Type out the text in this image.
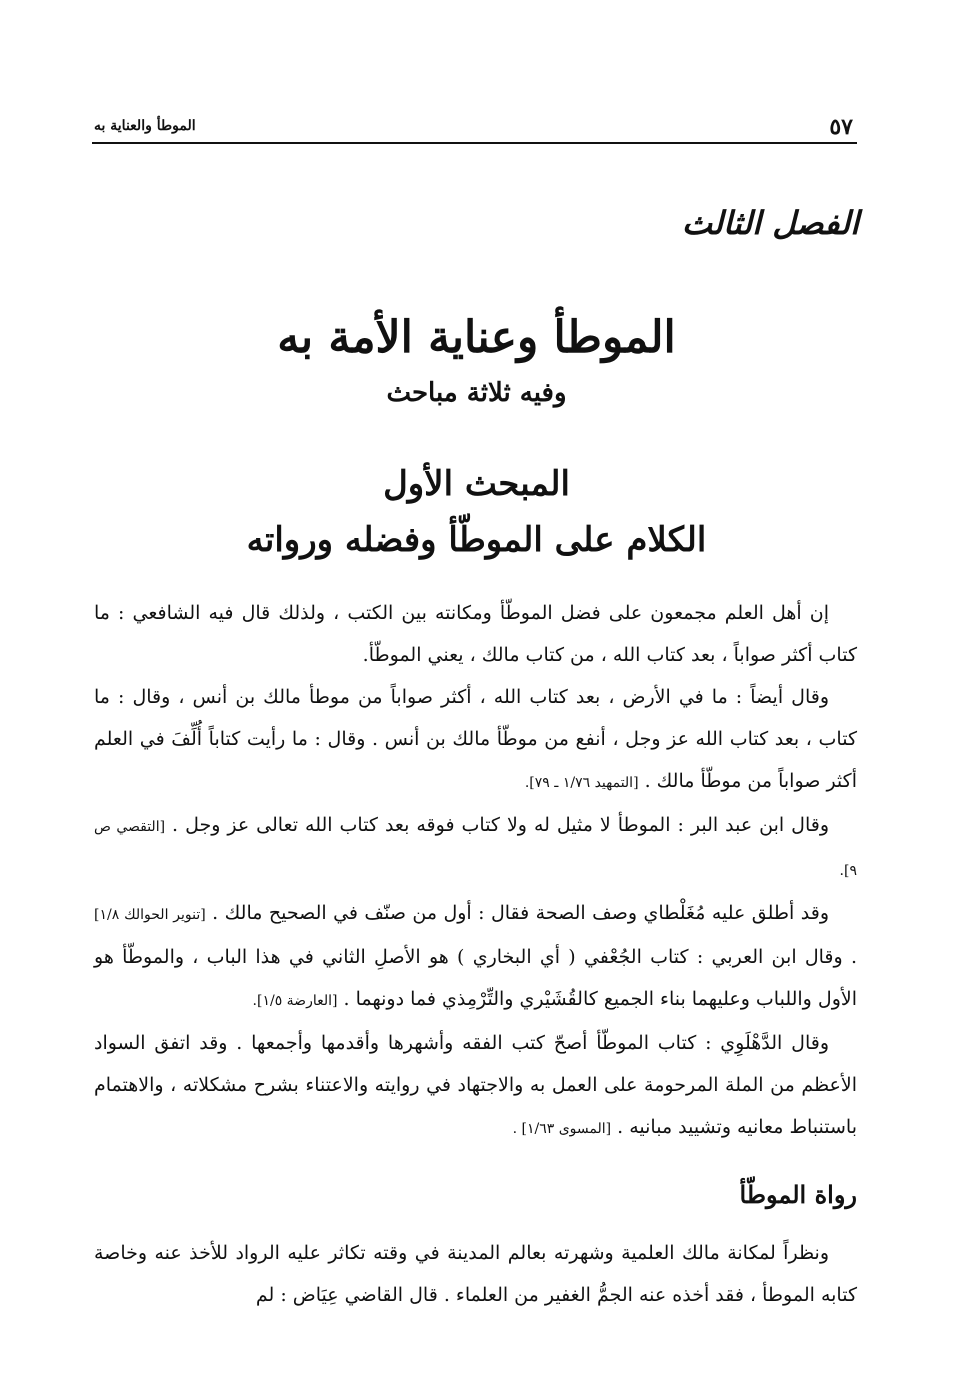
٥٧
الموطأ والعناية به
الفصل الثالث
الموطأ وعناية الأمة به
وفيه ثلاثة مباحث
المبحث الأول
الكلام على الموطّأ وفضله ورواته

إن أهل العلم مجمعون على فضل الموطّأ ومكانته بين الكتب ، ولذلك قال فيه الشافعي : ما كتاب أكثر صواباً ، بعد كتاب الله ، من كتاب مالك ، يعني الموطّأ.

وقال أيضاً : ما في الأرض ، بعد كتاب الله ، أكثر صواباً من موطأ مالك بن أنس ، وقال : ما كتاب ، بعد كتاب الله عز وجل ، أنفع من موطّأ مالك بن أنس . وقال : ما رأيت كتاباً أُلِّفَ في العلم أكثر صواباً من موطّأ مالك . [التمهيد ١/٧٦ ـ ٧٩].

وقال ابن عبد البر : الموطأ لا مثيل له ولا كتاب فوقه بعد كتاب الله تعالى عز وجل . [التقصي ص ٩].

وقد أطلق عليه مُغَلْطاي وصف الصحة فقال : أول من صنّف في الصحيح مالك . [تنوير الحوالك ١/٨] . وقال ابن العربي : كتاب الجُعْفي ( أي البخاري ) هو الأصلِ الثاني في هذا الباب ، والموطّأ هو الأول واللباب وعليهما بناء الجميع كالقُشَيْري والتِّرْمِذي فما دونهما . [العارضة ١/٥].

وقال الدَّهْلَوِي : كتاب الموطّأ أصحّ كتب الفقه وأشهرها وأقدمها وأجمعها . وقد اتفق السواد الأعظم من الملة المرحومة على العمل به والاجتهاد في روايته والاعتناء بشرح مشكلاته ، والاهتمام باستنباط معانيه وتشييد مبانيه . [المسوى ١/٦٣] .

رواة الموطّأ

ونظراً لمكانة مالك العلمية وشهرته بعالم المدينة في وقته تكاثر عليه الرواد للأخذ عنه وخاصة كتابه الموطأ ، فقد أخذه عنه الجمُّ الغفير من العلماء . قال القاضي عِيَاض : لم
